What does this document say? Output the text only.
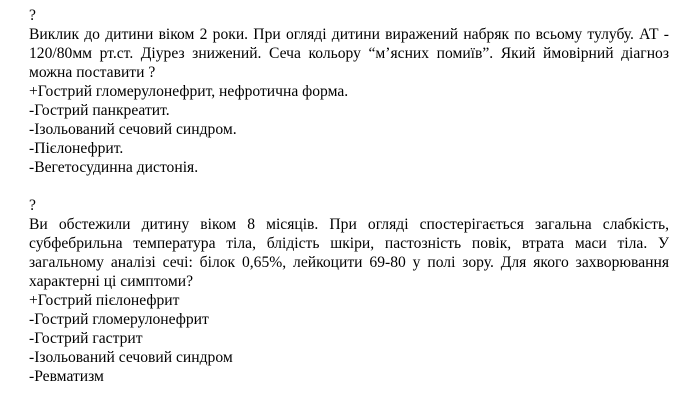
?
Виклик до дитини віком 2 роки. При огляді дитини виражений набряк по всьому тулубу. АТ - 120/80мм рт.ст. Діурез знижений. Сеча кольору “м’ясних помиїв”. Який ймовірний діагноз можна поставити ?
+Гострий гломерулонефрит, нефротична форма.
-Гострий панкреатит.
-Ізольований сечовий синдром.
-Пієлонефрит.
-Вегетосудинна дистонія.
?
Ви обстежили дитину віком 8 місяців. При огляді спостерігається загальна слабкість, субфебрильна температура тіла, блідість шкіри, пастозність повік, втрата маси тіла. У загальному аналізі сечі: білок 0,65%, лейкоцити 69-80 у полі зору. Для якого захворювання характерні ці симптоми?
+Гострий пієлонефрит
-Гострий гломерулонефрит
-Гострий гастрит
-Ізольований сечовий синдром
-Ревматизм
